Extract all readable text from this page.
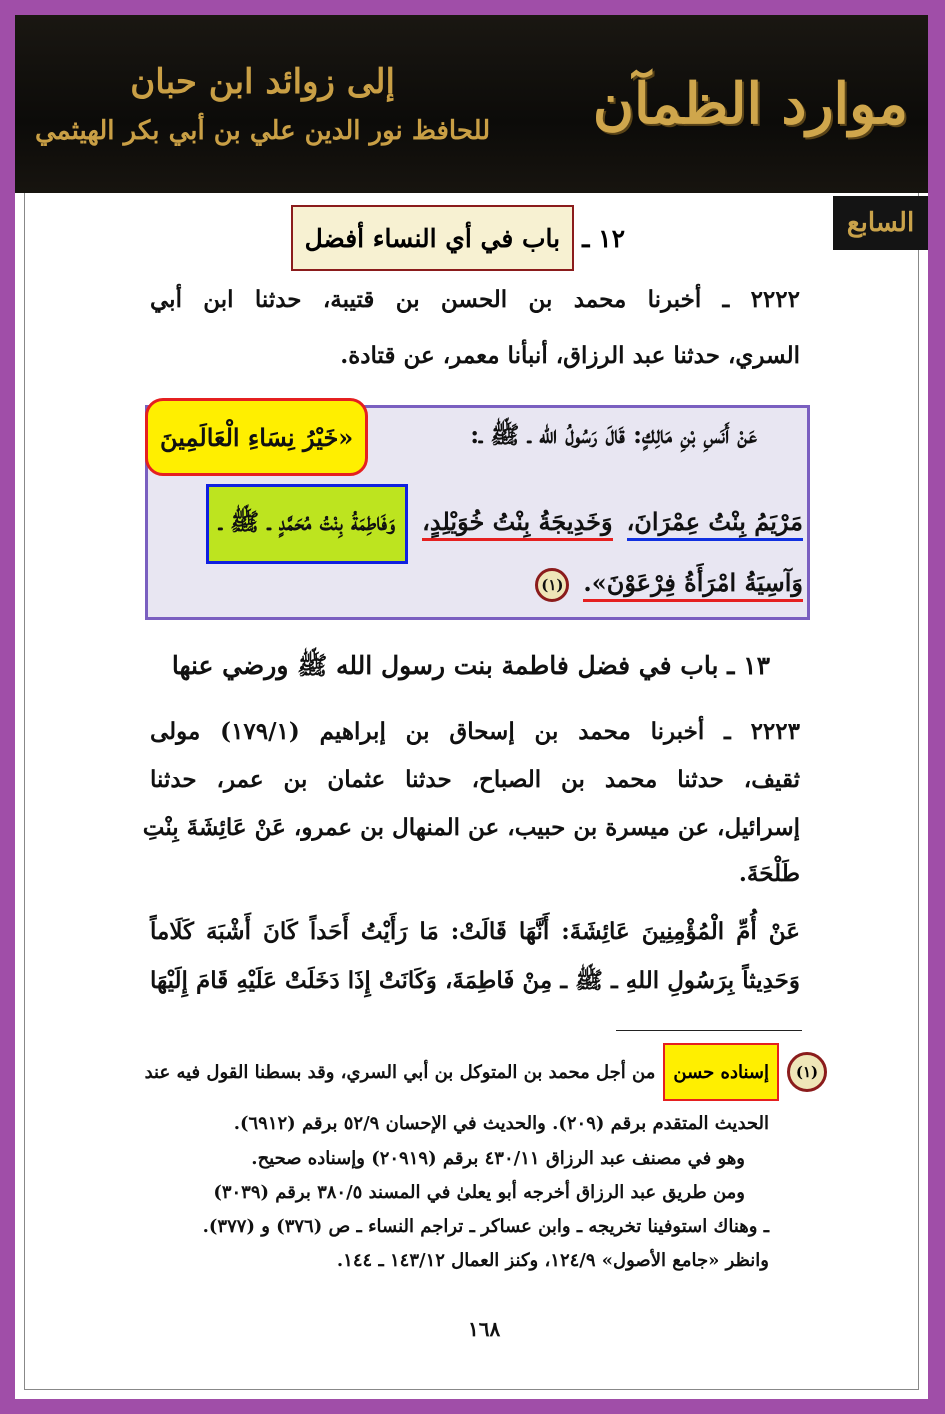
موارد الظمآن
إلى زوائد ابن حبان
للحافظ نور الدين علي بن أبي بكر الهيثمي
السابع
١٢ ـ
باب في أي النساء أفضل
٢٢٢٢ ـ أخبرنا محمد بن الحسن بن قتيبة، حدثنا ابن أبي
السري، حدثنا عبد الرزاق، أنبأنا معمر، عن قتادة.
عَنْ أَنَسِ بْنِ مَالِكٍ: قَالَ رَسُولُ الله ـ ﷺ ـ:
«خَيْرُ نِسَاءِ الْعَالَمِينَ
مَرْيَمُ بِنْتُ عِمْرَانَ،
وَخَدِيجَةُ بِنْتُ خُوَيْلِدٍ،
وَفَاطِمَةُ بِنْتُ مُحَمَّدٍ ـ ﷺ ـ
وَآسِيَةُ امْرَأَةُ فِرْعَوْنَ».
(١)
١٣ ـ باب في فضل فاطمة بنت رسول الله ﷺ ورضي عنها
٢٢٢٣ ـ أخبرنا محمد بن إسحاق بن إبراهيم (١٧٩/١) مولى
ثقيف، حدثنا محمد بن الصباح، حدثنا عثمان بن عمر، حدثنا
إسرائيل، عن ميسرة بن حبيب، عن المنهال بن عمرو، عَنْ عَائِشَةَ بِنْتِ
طَلْحَةَ.
عَنْ أُمِّ الْمُؤْمِنِينَ عَائِشَةَ: أَنَّهَا قَالَتْ: مَا رَأَيْتُ أَحَداً كَانَ أَشْبَهَ كَلَاماً
وَحَدِيثاً بِرَسُولِ اللهِ ـ ﷺ ـ مِنْ فَاطِمَةَ، وَكَانَتْ إِذَا دَخَلَتْ عَلَيْهِ قَامَ إِلَيْهَا
(١)
إسناده حسن
من أجل محمد بن المتوكل بن أبي السري، وقد بسطنا القول فيه عند
الحديث المتقدم برقم (٢٠٩). والحديث في الإحسان ٥٢/٩ برقم (٦٩١٢).
وهو في مصنف عبد الرزاق ٤٣٠/١١ برقم (٢٠٩١٩) وإسناده صحيح.
ومن طريق عبد الرزاق أخرجه أبو يعلىٰ في المسند ٣٨٠/٥ برقم (٣٠٣٩)
ـ وهناك استوفينا تخريجه ـ وابن عساكر ـ تراجم النساء ـ ص (٣٧٦) و (٣٧٧).
وانظر «جامع الأصول» ١٢٤/٩، وكنز العمال ١٤٣/١٢ ـ ١٤٤.
١٦٨
